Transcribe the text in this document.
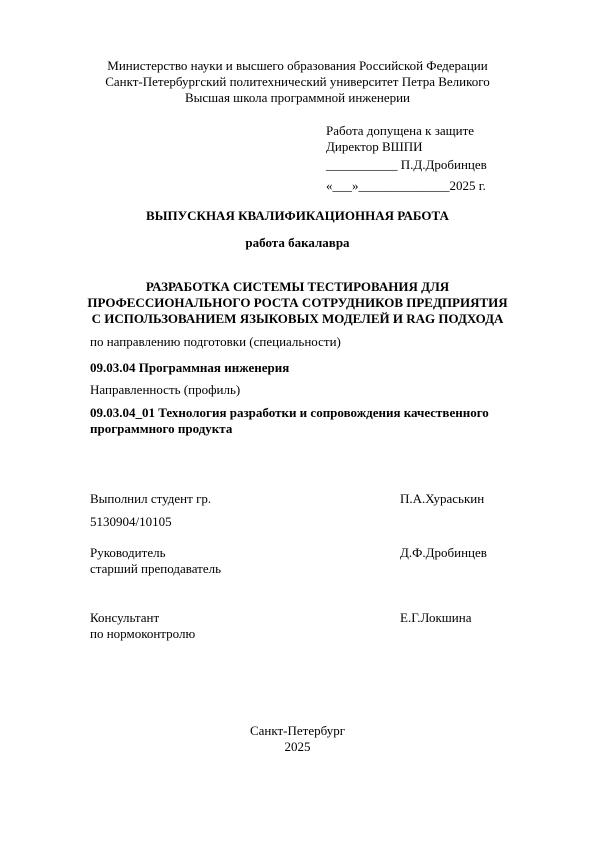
Министерство науки и высшего образования Российской Федерации
Санкт-Петербургский политехнический университет Петра Великого
Высшая школа программной инженерии
Работа допущена к защите
Директор ВШПИ
___________ П.Д.Дробинцев
«___»______________2025 г.
ВЫПУСКНАЯ КВАЛИФИКАЦИОННАЯ РАБОТА
работа бакалавра
РАЗРАБОТКА СИСТЕМЫ ТЕСТИРОВАНИЯ ДЛЯ
ПРОФЕССИОНАЛЬНОГО РОСТА СОТРУДНИКОВ ПРЕДПРИЯТИЯ
С ИСПОЛЬЗОВАНИЕМ ЯЗЫКОВЫХ МОДЕЛЕЙ И RAG ПОДХОДА
по направлению подготовки (специальности)
09.03.04 Программная инженерия
Направленность (профиль)
09.03.04_01 Технология разработки и сопровождения качественного
программного продукта
Выполнил студент гр.	П.А.Хураськин
5130904/10105
Руководитель	Д.Ф.Дробинцев
старший преподаватель
Консультант	Е.Г.Локшина
по нормоконтролю
Санкт-Петербург
2025
